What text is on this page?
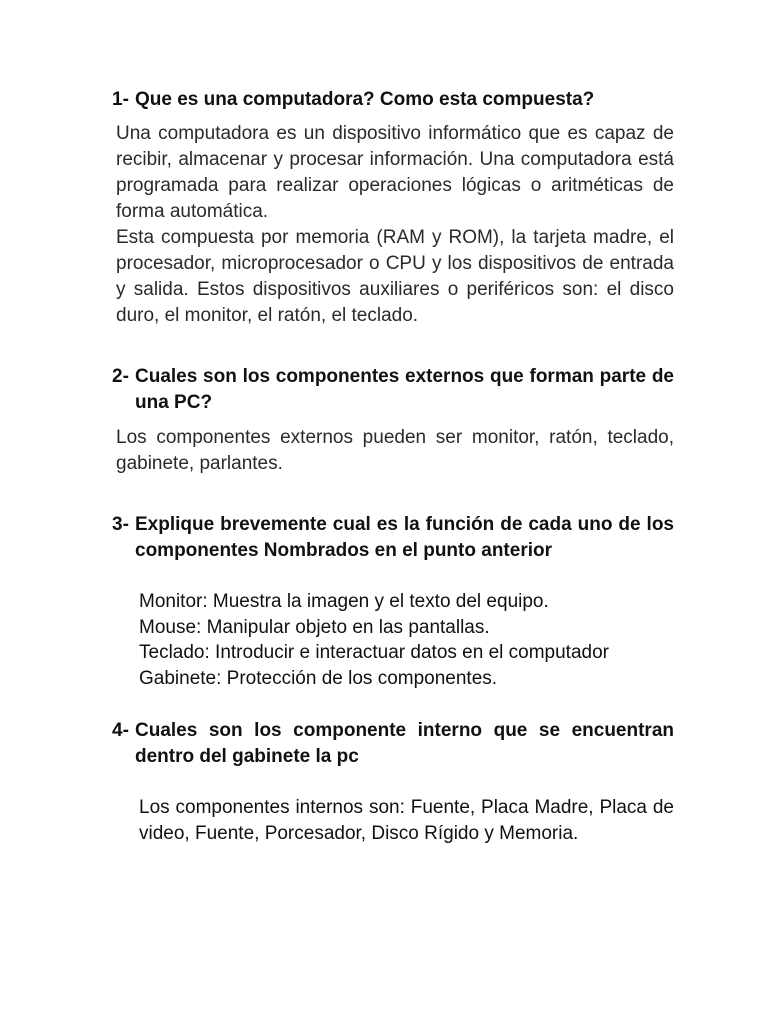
1- Que es una computadora? Como esta compuesta?

Una computadora es un dispositivo informático que es capaz de recibir, almacenar y procesar información. Una computadora está programada para realizar operaciones lógicas o aritméticas de forma automática.

Esta compuesta por memoria (RAM y ROM), la tarjeta madre, el procesador, microprocesador o CPU y los dispositivos de entrada y salida. Estos dispositivos auxiliares o periféricos son: el disco duro, el monitor, el ratón, el teclado.

2- Cuales son los componentes externos que forman parte de una PC?

Los componentes externos pueden ser monitor, ratón, teclado, gabinete, parlantes.

3- Explique brevemente cual es la función de cada uno de los componentes Nombrados en el punto anterior
Monitor: Muestra la imagen y el texto del equipo.
Mouse: Manipular objeto en las pantallas.
Teclado: Introducir e interactuar datos en el computador
Gabinete: Protección de los componentes.
4- Cuales son los componente interno que se encuentran dentro del gabinete la pc

Los componentes internos son: Fuente, Placa Madre, Placa de video, Fuente, Porcesador, Disco Rígido y Memoria.
